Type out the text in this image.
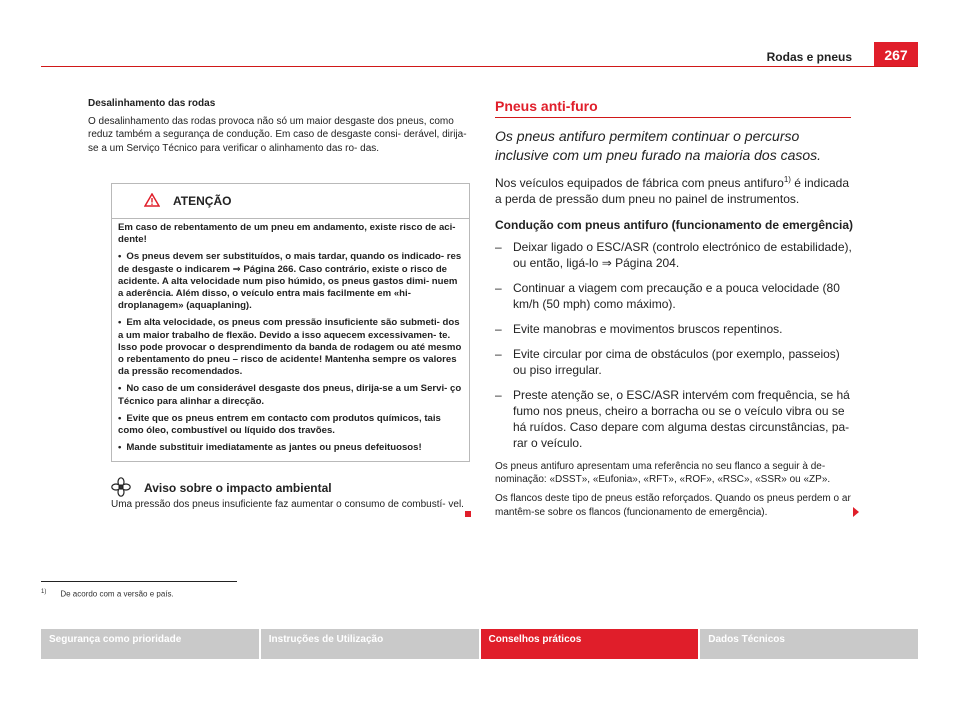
Rodas e pneus	267

Desalinhamento das rodas

O desalinhamento das rodas provoca não só um maior desgaste dos pneus, como reduz também a segurança de condução. Em caso de desgaste consi- derável, dirija-se a um Serviço Técnico para verificar o alinhamento das ro- das.

ATENÇÃO

Em caso de rebentamento de um pneu em andamento, existe risco de aci- dente!

• Os pneus devem ser substituídos, o mais tardar, quando os indicado- res de desgaste o indicarem ⇒ Página 266. Caso contrário, existe o risco de acidente. A alta velocidade num piso húmido, os pneus gastos dimi- nuem a aderência. Além disso, o veículo entra mais facilmente em «hi- droplanagem» (aquaplaning).

• Em alta velocidade, os pneus com pressão insuficiente são submeti- dos a um maior trabalho de flexão. Devido a isso aquecem excessivamen- te. Isso pode provocar o desprendimento da banda de rodagem ou até mesmo o rebentamento do pneu – risco de acidente! Mantenha sempre os valores da pressão recomendados.

• No caso de um considerável desgaste dos pneus, dirija-se a um Servi- ço Técnico para alinhar a direcção.

• Evite que os pneus entrem em contacto com produtos químicos, tais como óleo, combustível ou líquido dos travões.

• Mande substituir imediatamente as jantes ou pneus defeituosos!

Aviso sobre o impacto ambiental
Uma pressão dos pneus insuficiente faz aumentar o consumo de combustí- vel.
Pneus anti-furo
Os pneus antifuro permitem continuar o percurso inclusive com um pneu furado na maioria dos casos.

Nos veículos equipados de fábrica com pneus antifuro$^{1)}$ é indicada a perda de pressão dum pneu no painel de instrumentos.

Condução com pneus antifuro (funcionamento de emergência)

– Deixar ligado o ESC/ASR (controlo electrónico de estabilidade), ou então, ligá-lo ⇒ Página 204.
– Continuar a viagem com precaução e a pouca velocidade (80 km/h (50 mph) como máximo).
– Evite manobras e movimentos bruscos repentinos.
– Evite circular por cima de obstáculos (por exemplo, passeios) ou piso irregular.
– Preste atenção se, o ESC/ASR intervém com frequência, se há fumo nos pneus, cheiro a borracha ou se o veículo vibra ou se há ruídos. Caso depare com alguma destas circunstâncias, pa- rar o veículo.

Os pneus antifuro apresentam uma referência no seu flanco a seguir à de- nominação: «DSST», «Eufonia», «RFT», «ROF», «RSC», «SSR» ou «ZP».

Os flancos deste tipo de pneus estão reforçados. Quando os pneus perdem o ar mantêm-se sobre os flancos (funcionamento de emergência).

$^{1)}$ De acordo com a versão e país.
Segurança como prioridade	Instruções de Utilização	Conselhos práticos	Dados Técnicos
